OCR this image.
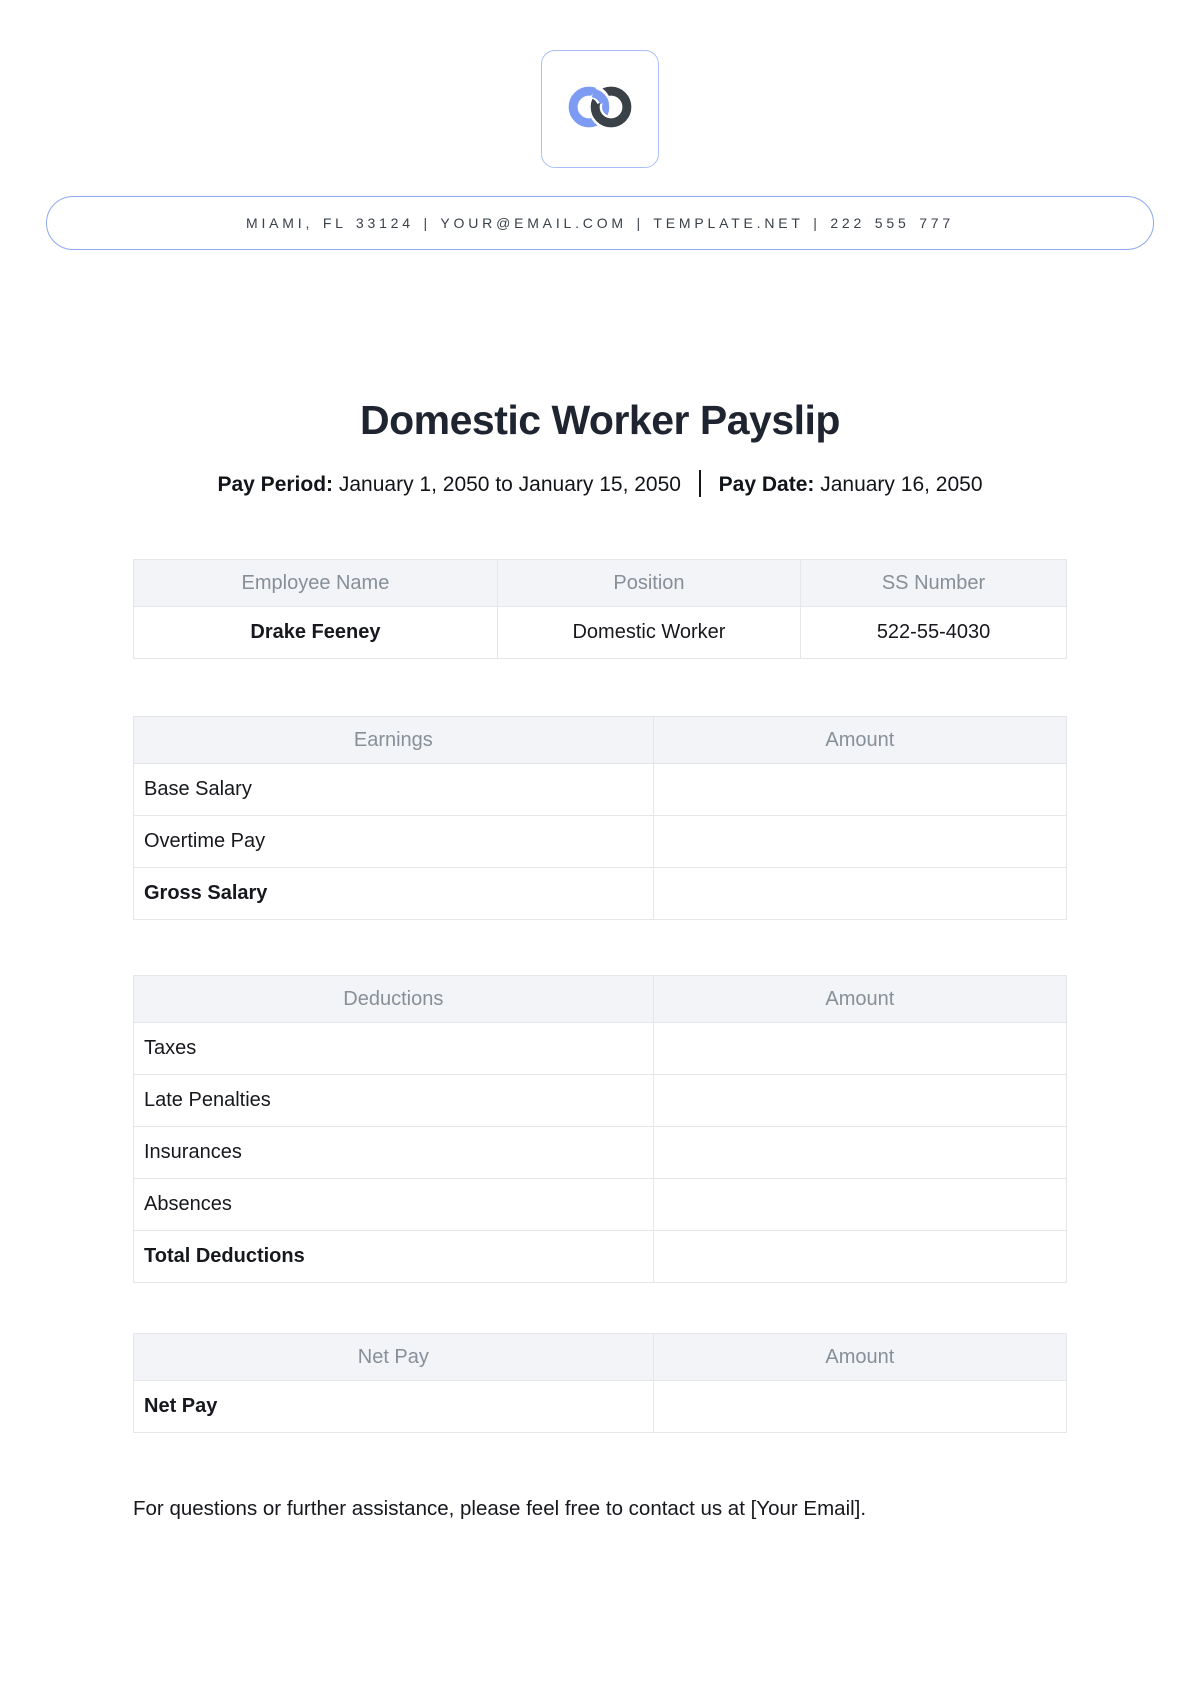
MIAMI, FL 33124 | YOUR@EMAIL.COM | TEMPLATE.NET | 222 555 777
Domestic Worker Payslip
Pay Period: January 1, 2050 to January 15, 2050 Pay Date: January 16, 2050
Employee Name	Position	SS Number
Drake Feeney	Domestic Worker	522-55-4030
Earnings	Amount
Base Salary	
Overtime Pay	
Gross Salary	
Deductions	Amount
Taxes	
Late Penalties	
Insurances	
Absences	
Total Deductions	
Net Pay	Amount
Net Pay	

For questions or further assistance, please feel free to contact us at [Your Email].
